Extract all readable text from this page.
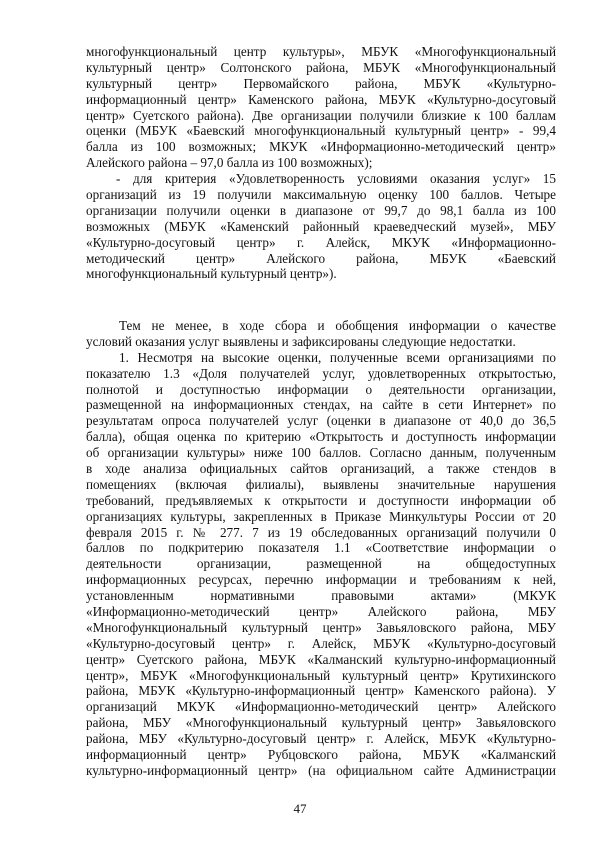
многофункциональный центр культуры», МБУК «Многофункциональный
культурный центр» Солтонского района, МБУК «Многофункциональный
культурный центр» Первомайского района, МБУК «Культурно-
информационный центр» Каменского района, МБУК «Культурно-досуговый
центр» Суетского района). Две организации получили близкие к 100 баллам
оценки (МБУК «Баевский многофункциональный культурный центр» - 99,4
балла из 100 возможных; МКУК «Информационно-методический центр»
Алейского района – 97,0 балла из 100 возможных);
- для критерия «Удовлетворенность условиями оказания услуг» 15
организаций из 19 получили максимальную оценку 100 баллов. Четыре
организации получили оценки в диапазоне от 99,7 до 98,1 балла из 100
возможных (МБУК «Каменский районный краеведческий музей», МБУ
«Культурно-досуговый центр» г. Алейск, МКУК «Информационно-
методический центр» Алейского района, МБУК «Баевский
многофункциональный культурный центр»).
Тем не менее, в ходе сбора и обобщения информации о качестве
условий оказания услуг выявлены и зафиксированы следующие недостатки.
1. Несмотря на высокие оценки, полученные всеми организациями по
показателю 1.3 «Доля получателей услуг, удовлетворенных открытостью,
полнотой и доступностью информации о деятельности организации,
размещенной на информационных стендах, на сайте в сети Интернет» по
результатам опроса получателей услуг (оценки в диапазоне от 40,0 до 36,5
балла), общая оценка по критерию «Открытость и доступность информации
об организации культуры» ниже 100 баллов. Согласно данным, полученным
в ходе анализа официальных сайтов организаций, а также стендов в
помещениях (включая филиалы), выявлены значительные нарушения
требований, предъявляемых к открытости и доступности информации об
организациях культуры, закрепленных в Приказе Минкультуры России от 20
февраля 2015 г. № 277. 7 из 19 обследованных организаций получили 0
баллов по подкритерию показателя 1.1 «Соответствие информации о
деятельности организации, размещенной на общедоступных
информационных ресурсах, перечню информации и требованиям к ней,
установленным нормативными правовыми актами» (МКУК
«Информационно-методический центр» Алейского района, МБУ
«Многофункциональный культурный центр» Завьяловского района, МБУ
«Культурно-досуговый центр» г. Алейск, МБУК «Культурно-досуговый
центр» Суетского района, МБУК «Калманский культурно-информационный
центр», МБУК «Многофункциональный культурный центр» Крутихинского
района, МБУК «Культурно-информационный центр» Каменского района). У
организаций МКУК «Информационно-методический центр» Алейского
района, МБУ «Многофункциональный культурный центр» Завьяловского
района, МБУ «Культурно-досуговый центр» г. Алейск, МБУК «Культурно-
информационный центр» Рубцовского района, МБУК «Калманский
культурно-информационный центр» (на официальном сайте Администрации
47
